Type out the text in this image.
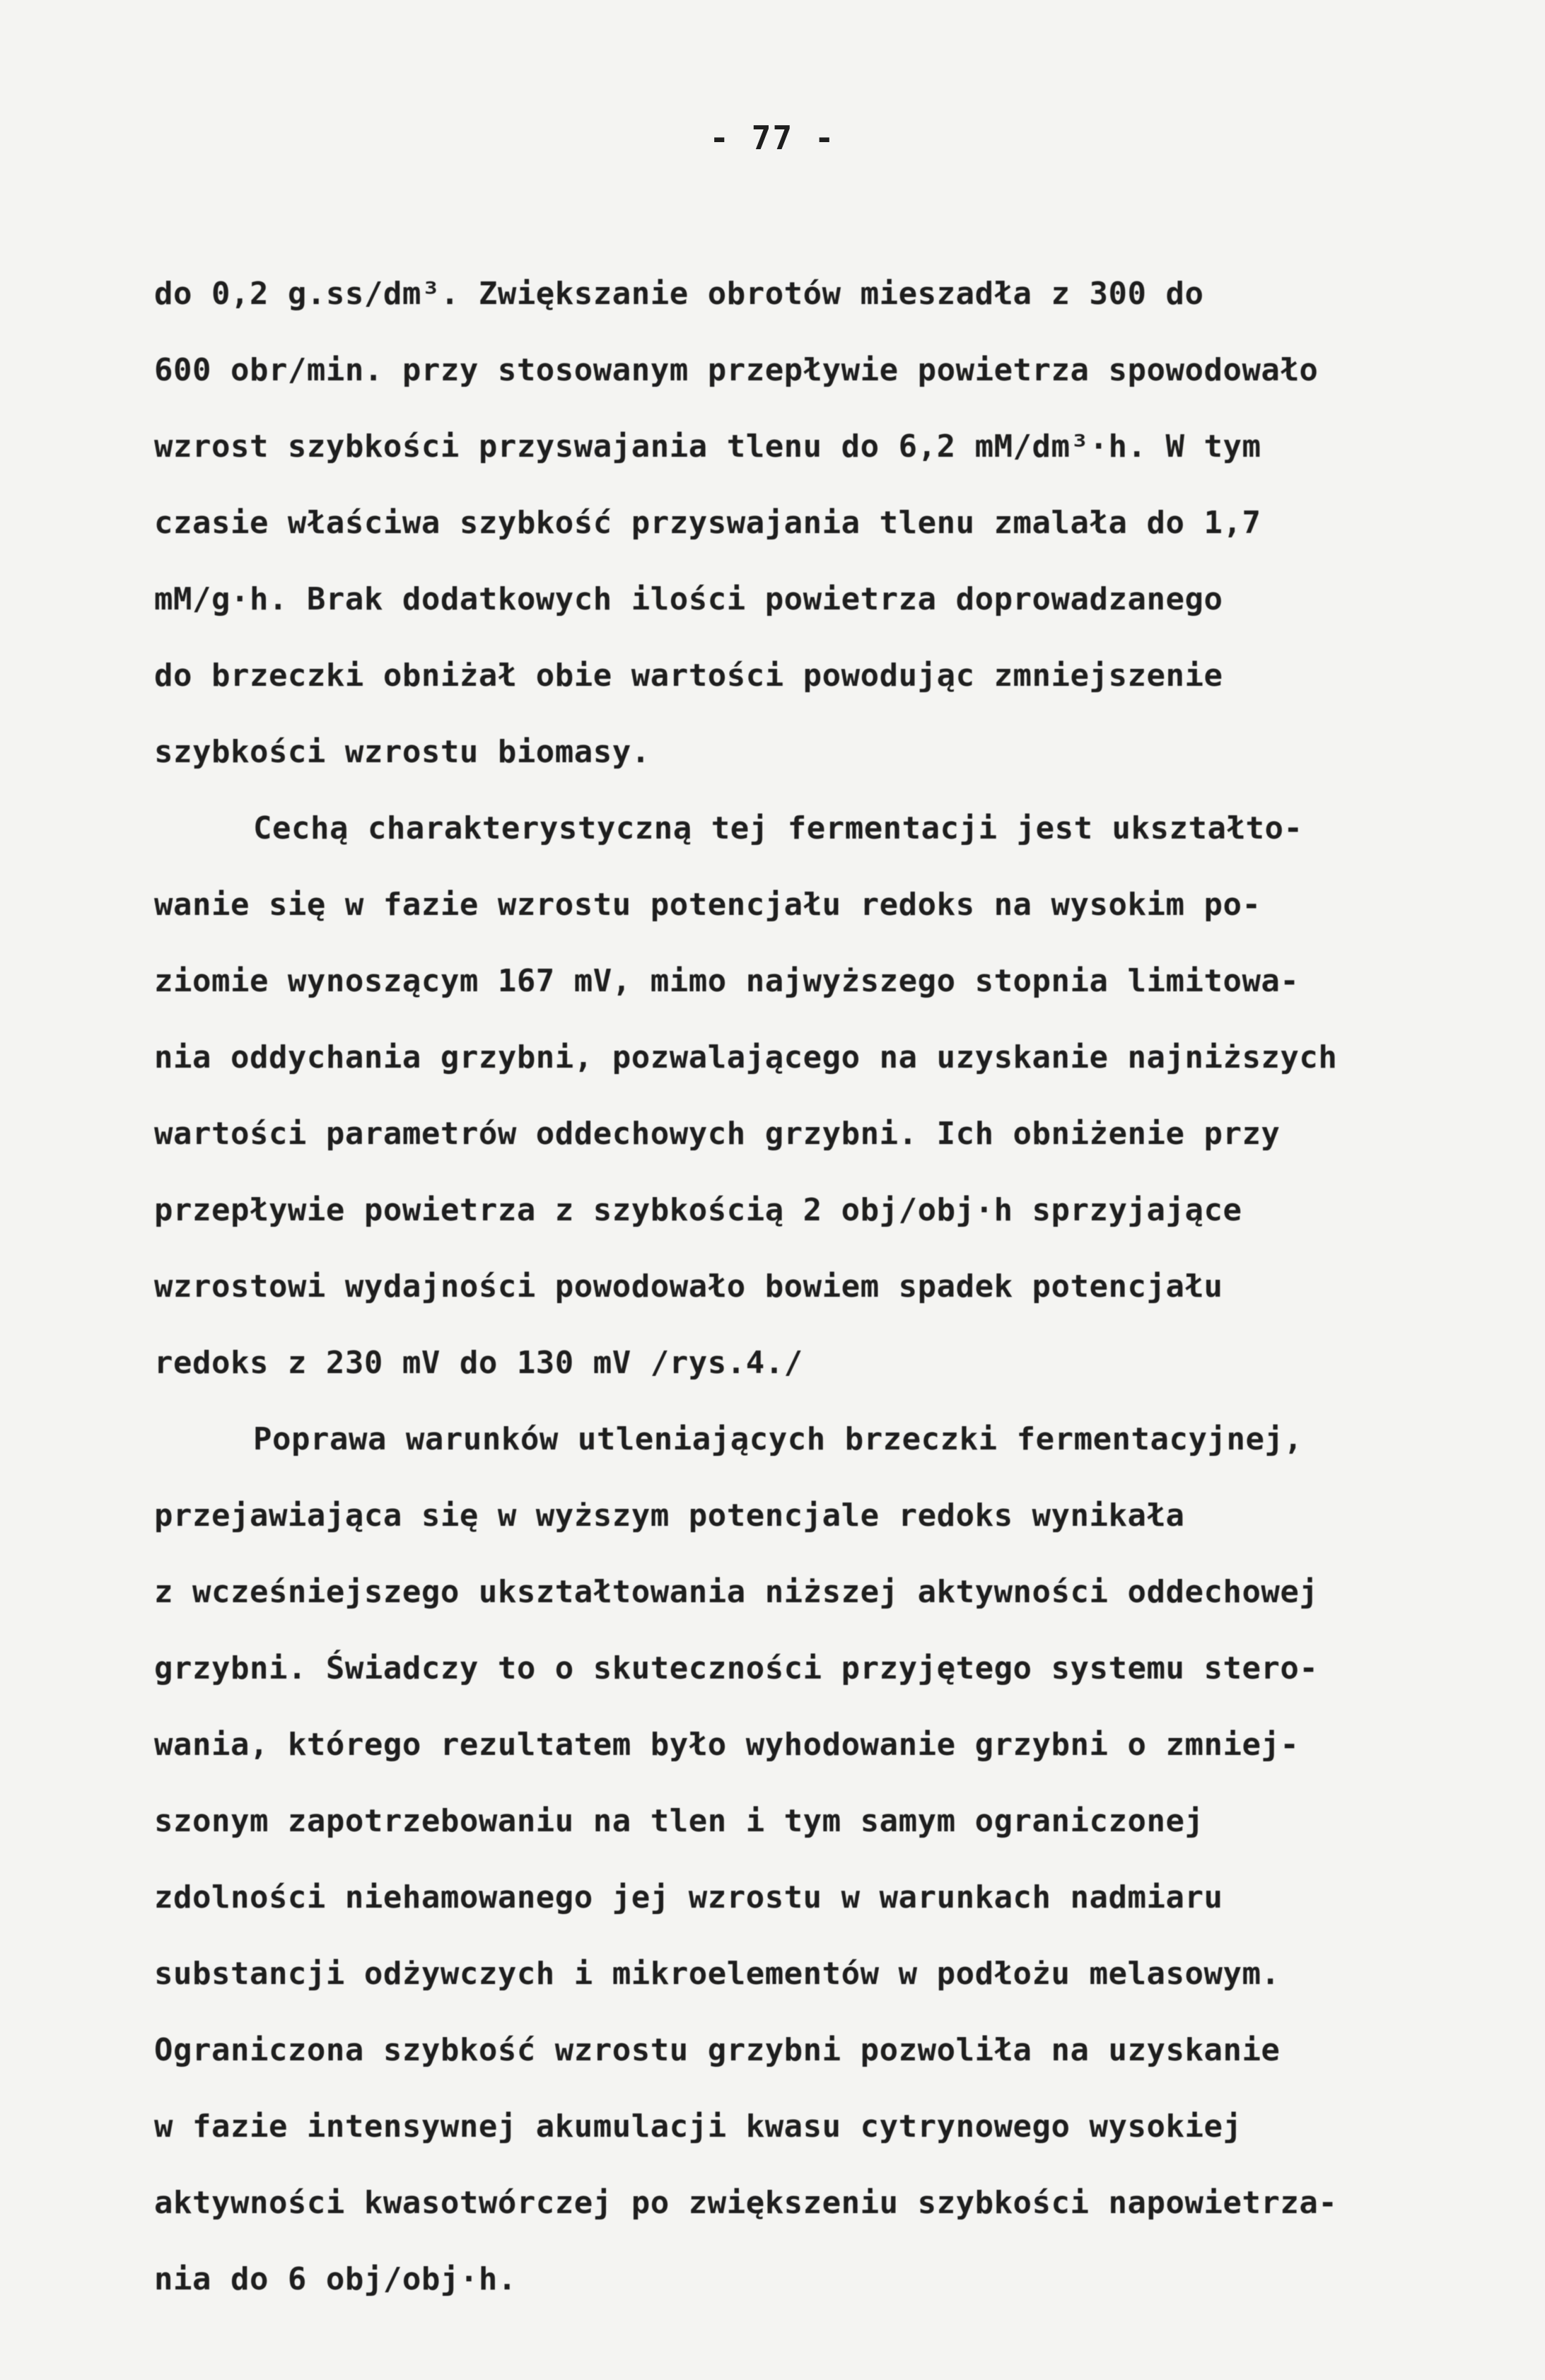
- 77 -
do 0,2 g.ss/dm³. Zwiększanie obrotów mieszadła z 300 do
600 obr/min. przy stosowanym przepływie powietrza spowodowało
wzrost szybkości przyswajania tlenu do 6,2 mM/dm³·h. W tym
czasie właściwa szybkość przyswajania tlenu zmalała do 1,7
mM/g·h. Brak dodatkowych ilości powietrza doprowadzanego
do brzeczki obniżał obie wartości powodując zmniejszenie
szybkości wzrostu biomasy.
Cechą charakterystyczną tej fermentacji jest ukształto-
wanie się w fazie wzrostu potencjału redoks na wysokim po-
ziomie wynoszącym 167 mV, mimo najwyższego stopnia limitowa-
nia oddychania grzybni, pozwalającego na uzyskanie najniższych
wartości parametrów oddechowych grzybni. Ich obniżenie przy
przepływie powietrza z szybkością 2 obj/obj·h sprzyjające
wzrostowi wydajności powodowało bowiem spadek potencjału
redoks z 230 mV do 130 mV /rys.4./
Poprawa warunków utleniających brzeczki fermentacyjnej,
przejawiająca się w wyższym potencjale redoks wynikała
z wcześniejszego ukształtowania niższej aktywności oddechowej
grzybni. Świadczy to o skuteczności przyjętego systemu stero-
wania, którego rezultatem było wyhodowanie grzybni o zmniej-
szonym zapotrzebowaniu na tlen i tym samym ograniczonej
zdolności niehamowanego jej wzrostu w warunkach nadmiaru
substancji odżywczych i mikroelementów w podłożu melasowym.
Ograniczona szybkość wzrostu grzybni pozwoliła na uzyskanie
w fazie intensywnej akumulacji kwasu cytrynowego wysokiej
aktywności kwasotwórczej po zwiększeniu szybkości napowietrza-
nia do 6 obj/obj·h.
